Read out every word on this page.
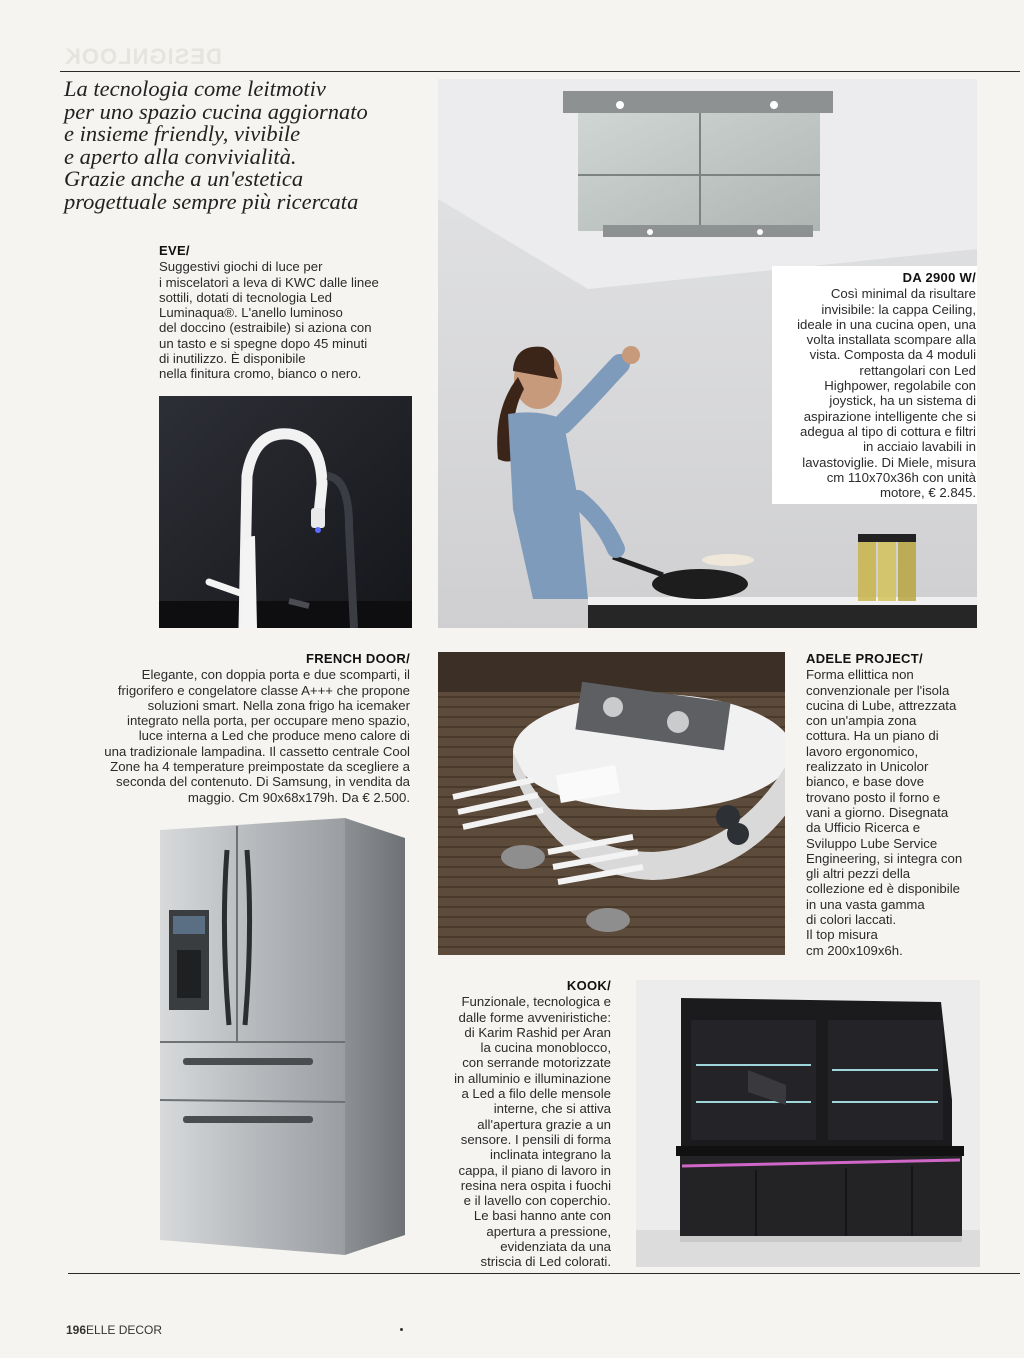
DESIGNLOOK
La tecnologia come leitmotiv
per uno spazio cucina aggiornato
e insieme friendly, vivibile
e aperto alla convivialità.
Grazie anche a un'estetica
progettuale sempre più ricercata
EVE/
Suggestivi giochi di luce per
i miscelatori a leva di KWC dalle linee
sottili, dotati di tecnologia Led
Luminaqua®. L'anello luminoso
del doccino (estraibile) si aziona con
un tasto e si spegne dopo 45 minuti
di inutilizzo. È disponibile
nella finitura cromo, bianco o nero.
DA 2900 W/
Così minimal da risultare
invisibile: la cappa Ceiling,
ideale in una cucina open, una
volta installata scompare alla
vista. Composta da 4 moduli
rettangolari con Led
Highpower, regolabile con
joystick, ha un sistema di
aspirazione intelligente che si
adegua al tipo di cottura e filtri
in acciaio lavabili in
lavastoviglie. Di Miele, misura
cm 110x70x36h con unità
motore, € 2.845.
FRENCH DOOR/
Elegante, con doppia porta e due scomparti, il
frigorifero e congelatore classe A+++ che propone
soluzioni smart. Nella zona frigo ha icemaker
integrato nella porta, per occupare meno spazio,
luce interna a Led che produce meno calore di
una tradizionale lampadina. Il cassetto centrale Cool
Zone ha 4 temperature preimpostate da scegliere a
seconda del contenuto. Di Samsung, in vendita da
maggio. Cm 90x68x179h. Da € 2.500.
ADELE PROJECT/
Forma ellittica non
convenzionale per l'isola
cucina di Lube, attrezzata
con un'ampia zona
cottura. Ha un piano di
lavoro ergonomico,
realizzato in Unicolor
bianco, e base dove
trovano posto il forno e
vani a giorno. Disegnata
da Ufficio Ricerca e
Sviluppo Lube Service
Engineering, si integra con
gli altri pezzi della
collezione ed è disponibile
in una vasta gamma
di colori laccati.
Il top misura
cm 200x109x6h.
KOOK/
Funzionale, tecnologica e
dalle forme avveniristiche:
di Karim Rashid per Aran
la cucina monoblocco,
con serrande motorizzate
in alluminio e illuminazione
a Led a filo delle mensole
interne, che si attiva
all'apertura grazie a un
sensore. I pensili di forma
inclinata integrano la
cappa, il piano di lavoro in
resina nera ospita i fuochi
e il lavello con coperchio.
Le basi hanno ante con
apertura a pressione,
evidenziata da una
striscia di Led colorati.
196ELLE DECOR
